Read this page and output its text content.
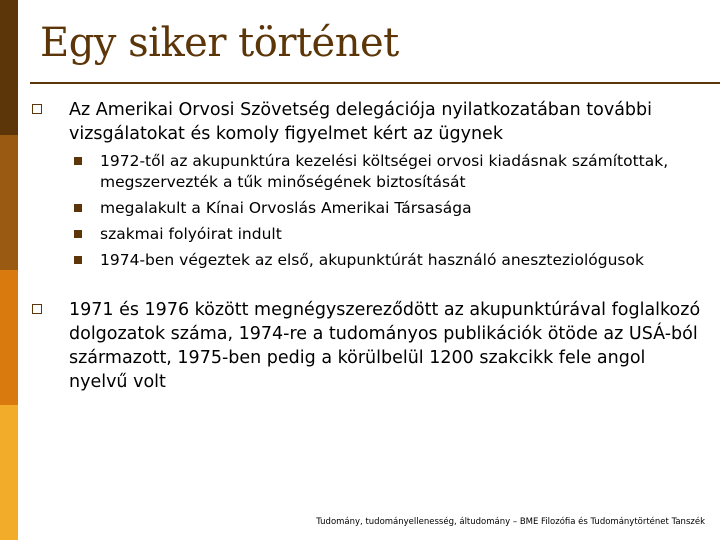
Egy siker történet
Az Amerikai Orvosi Szövetség delegációja nyilatkozatában további vizsgálatokat és komoly figyelmet kért az ügynek
1972-től az akupunktúra kezelési költségei orvosi kiadásnak számítottak, megszervezték a tűk minőségének biztosítását
megalakult a Kínai Orvoslás Amerikai Társasága
szakmai folyóirat indult
1974-ben végeztek az első, akupunktúrát használó aneszteziológusok
1971 és 1976 között megnégyszereződött az akupunktúrával foglalkozó dolgozatok száma, 1974-re a tudományos publikációk ötöde az USÁ-ból származott, 1975-ben pedig a körülbelül 1200 szakcikk fele angol nyelvű volt
Tudomány, tudományellenesség, áltudomány – BME Filozófia és Tudománytörténet Tanszék
